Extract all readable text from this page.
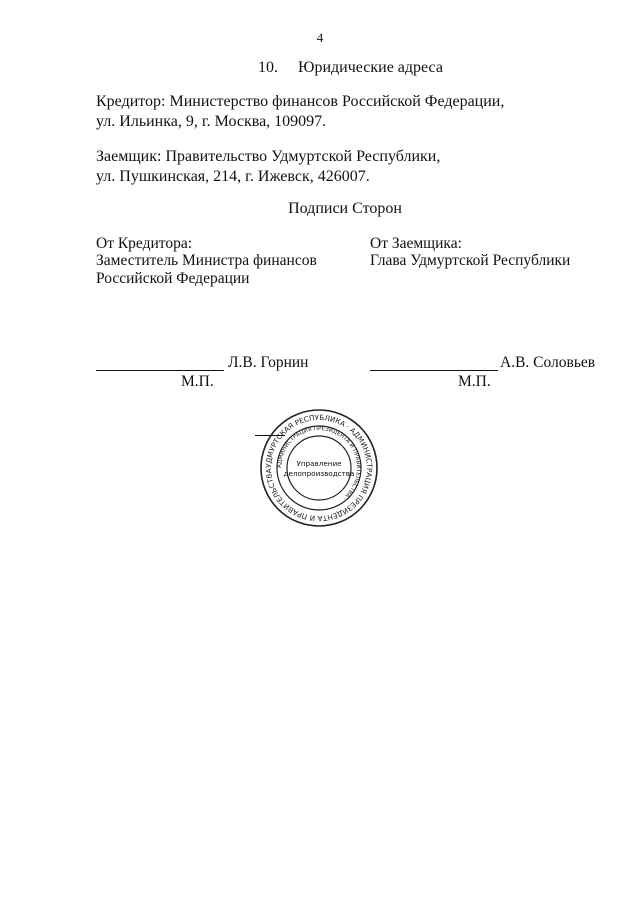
4
10. Юридические адреса
Кредитор: Министерство финансов Российской Федерации,
ул. Ильинка, 9, г. Москва, 109097.
Заемщик: Правительство Удмуртской Республики,
ул. Пушкинская, 214, г. Ижевск, 426007.
Подписи Сторон
От Кредитора:
Заместитель Министра финансов
Российской Федерации
Л.В. Горнин
М.П.
От Заемщика:
Глава Удмуртской Республики
А.В. Соловьев
М.П.
УДМУРТСКАЯ РЕСПУБЛИКА · АДМИНИСТРАЦИЯ ПРЕЗИДЕНТА И ПРАВИТЕЛЬСТВА
АДМИНИСТРАЦИЯ ПРЕЗИДЕНТА И ПРАВИТЕЛЬСТВА ·
Управление
делопроизводства
